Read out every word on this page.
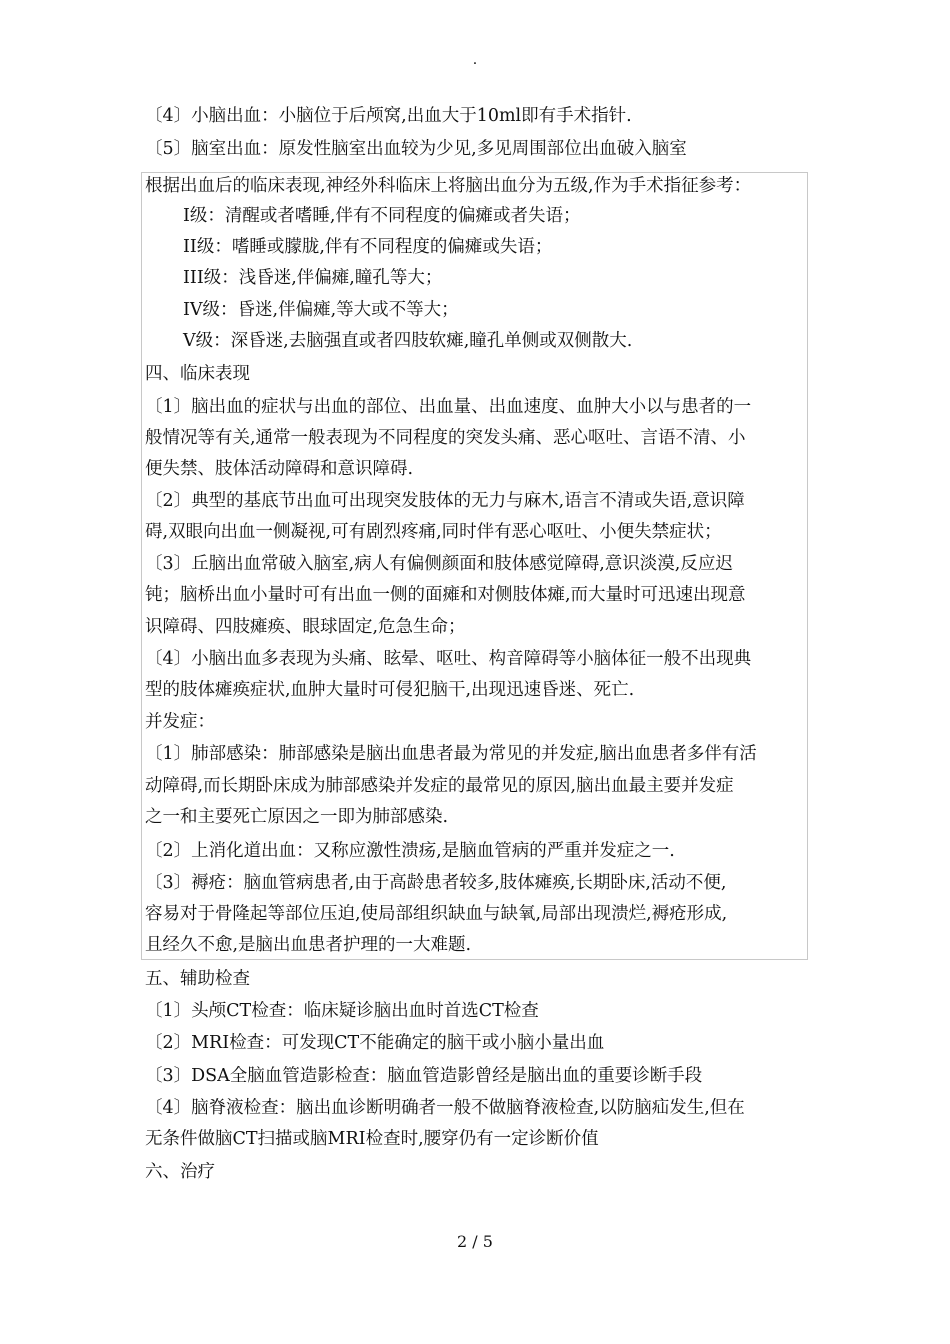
.
〔4〕小脑出血：小脑位于后颅窝,出血大于10ml即有手术指针.
〔5〕脑室出血：原发性脑室出血较为少见,多见周围部位出血破入脑室
根据出血后的临床表现,神经外科临床上将脑出血分为五级,作为手术指征参考：
I级：清醒或者嗜睡,伴有不同程度的偏瘫或者失语；
II级：嗜睡或朦胧,伴有不同程度的偏瘫或失语；
III级：浅昏迷,伴偏瘫,瞳孔等大；
IV级：昏迷,伴偏瘫,等大或不等大；
V级：深昏迷,去脑强直或者四肢软瘫,瞳孔单侧或双侧散大.
四、临床表现
〔1〕脑出血的症状与出血的部位、出血量、出血速度、血肿大小以与患者的一
般情况等有关,通常一般表现为不同程度的突发头痛、恶心呕吐、言语不清、小
便失禁、肢体活动障碍和意识障碍.
〔2〕典型的基底节出血可出现突发肢体的无力与麻木,语言不清或失语,意识障
碍,双眼向出血一侧凝视,可有剧烈疼痛,同时伴有恶心呕吐、小便失禁症状；
〔3〕丘脑出血常破入脑室,病人有偏侧颜面和肢体感觉障碍,意识淡漠,反应迟
钝；脑桥出血小量时可有出血一侧的面瘫和对侧肢体瘫,而大量时可迅速出现意
识障碍、四肢瘫痪、眼球固定,危急生命；
〔4〕小脑出血多表现为头痛、眩晕、呕吐、构音障碍等小脑体征一般不出现典
型的肢体瘫痪症状,血肿大量时可侵犯脑干,出现迅速昏迷、死亡.
并发症：
〔1〕肺部感染：肺部感染是脑出血患者最为常见的并发症,脑出血患者多伴有活
动障碍,而长期卧床成为肺部感染并发症的最常见的原因,脑出血最主要并发症
之一和主要死亡原因之一即为肺部感染.
〔2〕上消化道出血：又称应激性溃疡,是脑血管病的严重并发症之一.
〔3〕褥疮：脑血管病患者,由于高龄患者较多,肢体瘫痪,长期卧床,活动不便,
容易对于骨隆起等部位压迫,使局部组织缺血与缺氧,局部出现溃烂,褥疮形成,
且经久不愈,是脑出血患者护理的一大难题.
五、辅助检查
〔1〕头颅CT检查：临床疑诊脑出血时首选CT检查
〔2〕MRI检查：可发现CT不能确定的脑干或小脑小量出血
〔3〕DSA全脑血管造影检查：脑血管造影曾经是脑出血的重要诊断手段
〔4〕脑脊液检查：脑出血诊断明确者一般不做脑脊液检查,以防脑疝发生,但在
无条件做脑CT扫描或脑MRI检查时,腰穿仍有一定诊断价值
六、治疗
2 / 5
